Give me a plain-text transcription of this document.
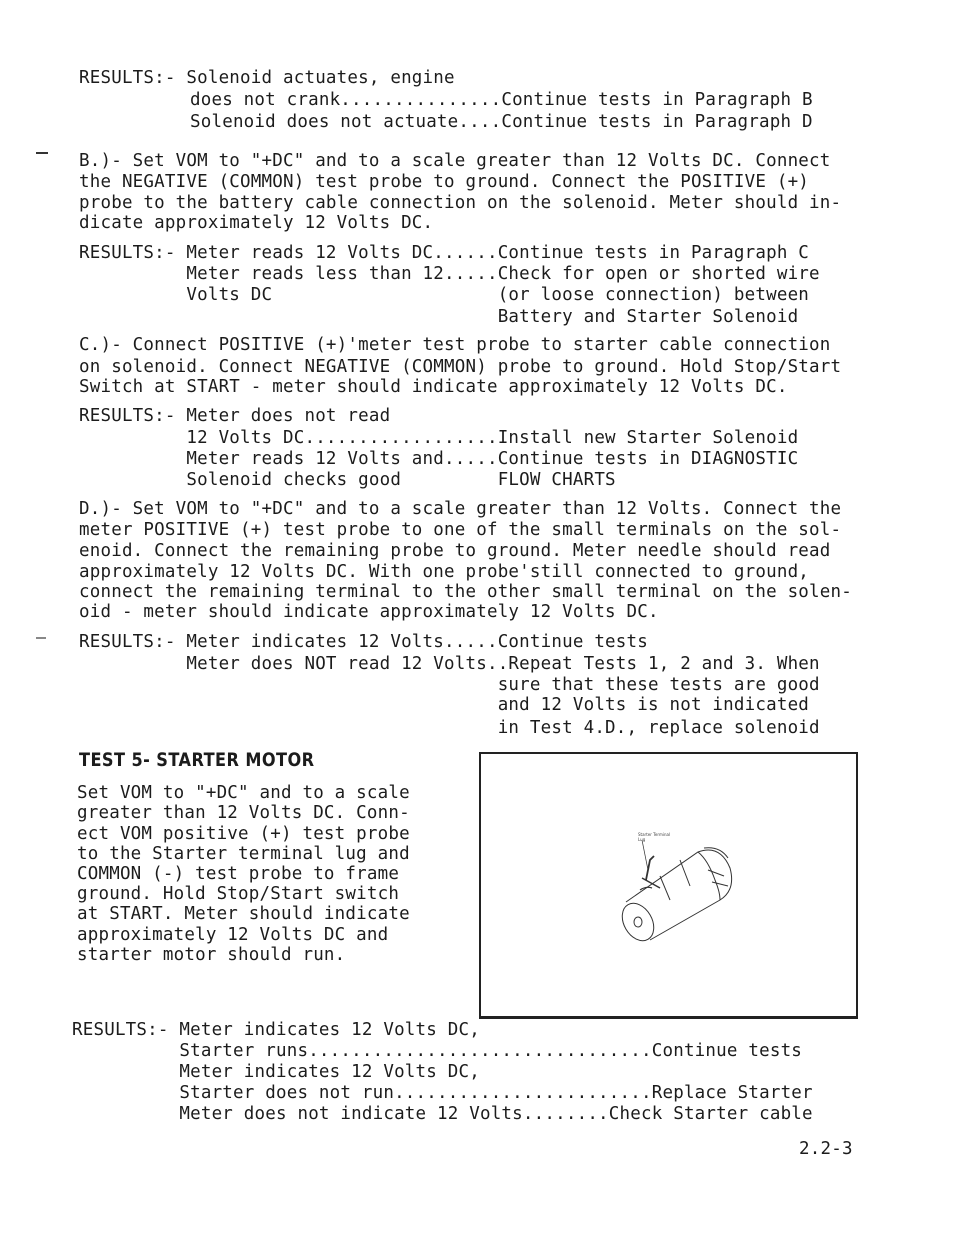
RESULTS:- Solenoid actuates, engine
does not crank...............Continue tests in Paragraph B
Solenoid does not actuate....Continue tests in Paragraph D
B.)- Set VOM to "+DC" and to a scale greater than 12 Volts DC. Connect
the NEGATIVE (COMMON) test probe to ground. Connect the POSITIVE (+)
probe to the battery cable connection on the solenoid. Meter should in-
dicate approximately 12 Volts DC.
RESULTS:- Meter reads 12 Volts DC......Continue tests in Paragraph C
Meter reads less than 12.....Check for open or shorted wire
Volts DC                     (or loose connection) between
Battery and Starter Solenoid
C.)- Connect POSITIVE (+)'meter test probe to starter cable connection
on solenoid. Connect NEGATIVE (COMMON) probe to ground. Hold Stop/Start
Switch at START - meter should indicate approximately 12 Volts DC.
RESULTS:- Meter does not read
12 Volts DC..................Install new Starter Solenoid
Meter reads 12 Volts and.....Continue tests in DIAGNOSTIC
Solenoid checks good         FLOW CHARTS
D.)- Set VOM to "+DC" and to a scale greater than 12 Volts. Connect the
meter POSITIVE (+) test probe to one of the small terminals on the sol-
enoid. Connect the remaining probe to ground. Meter needle should read
approximately 12 Volts DC. With one probe'still connected to ground,
connect the remaining terminal to the other small terminal on the solen-
oid - meter should indicate approximately 12 Volts DC.
RESULTS:- Meter indicates 12 Volts.....Continue tests
Meter does NOT read 12 Volts..Repeat Tests 1, 2 and 3. When
sure that these tests are good
and 12 Volts is not indicated
in Test 4.D., replace solenoid
TEST 5- STARTER MOTOR
Set VOM to "+DC" and to a scale
greater than 12 Volts DC. Conn-
ect VOM positive (+) test probe
to the Starter terminal lug and
COMMON (-) test probe to frame
ground. Hold Stop/Start switch
at START. Meter should indicate
approximately 12 Volts DC and
starter motor should run.
Starter Terminal
Lug
RESULTS:- Meter indicates 12 Volts DC,
Starter runs................................Continue tests
Meter indicates 12 Volts DC,
Starter does not run........................Replace Starter
Meter does not indicate 12 Volts........Check Starter cable
2.2-3
